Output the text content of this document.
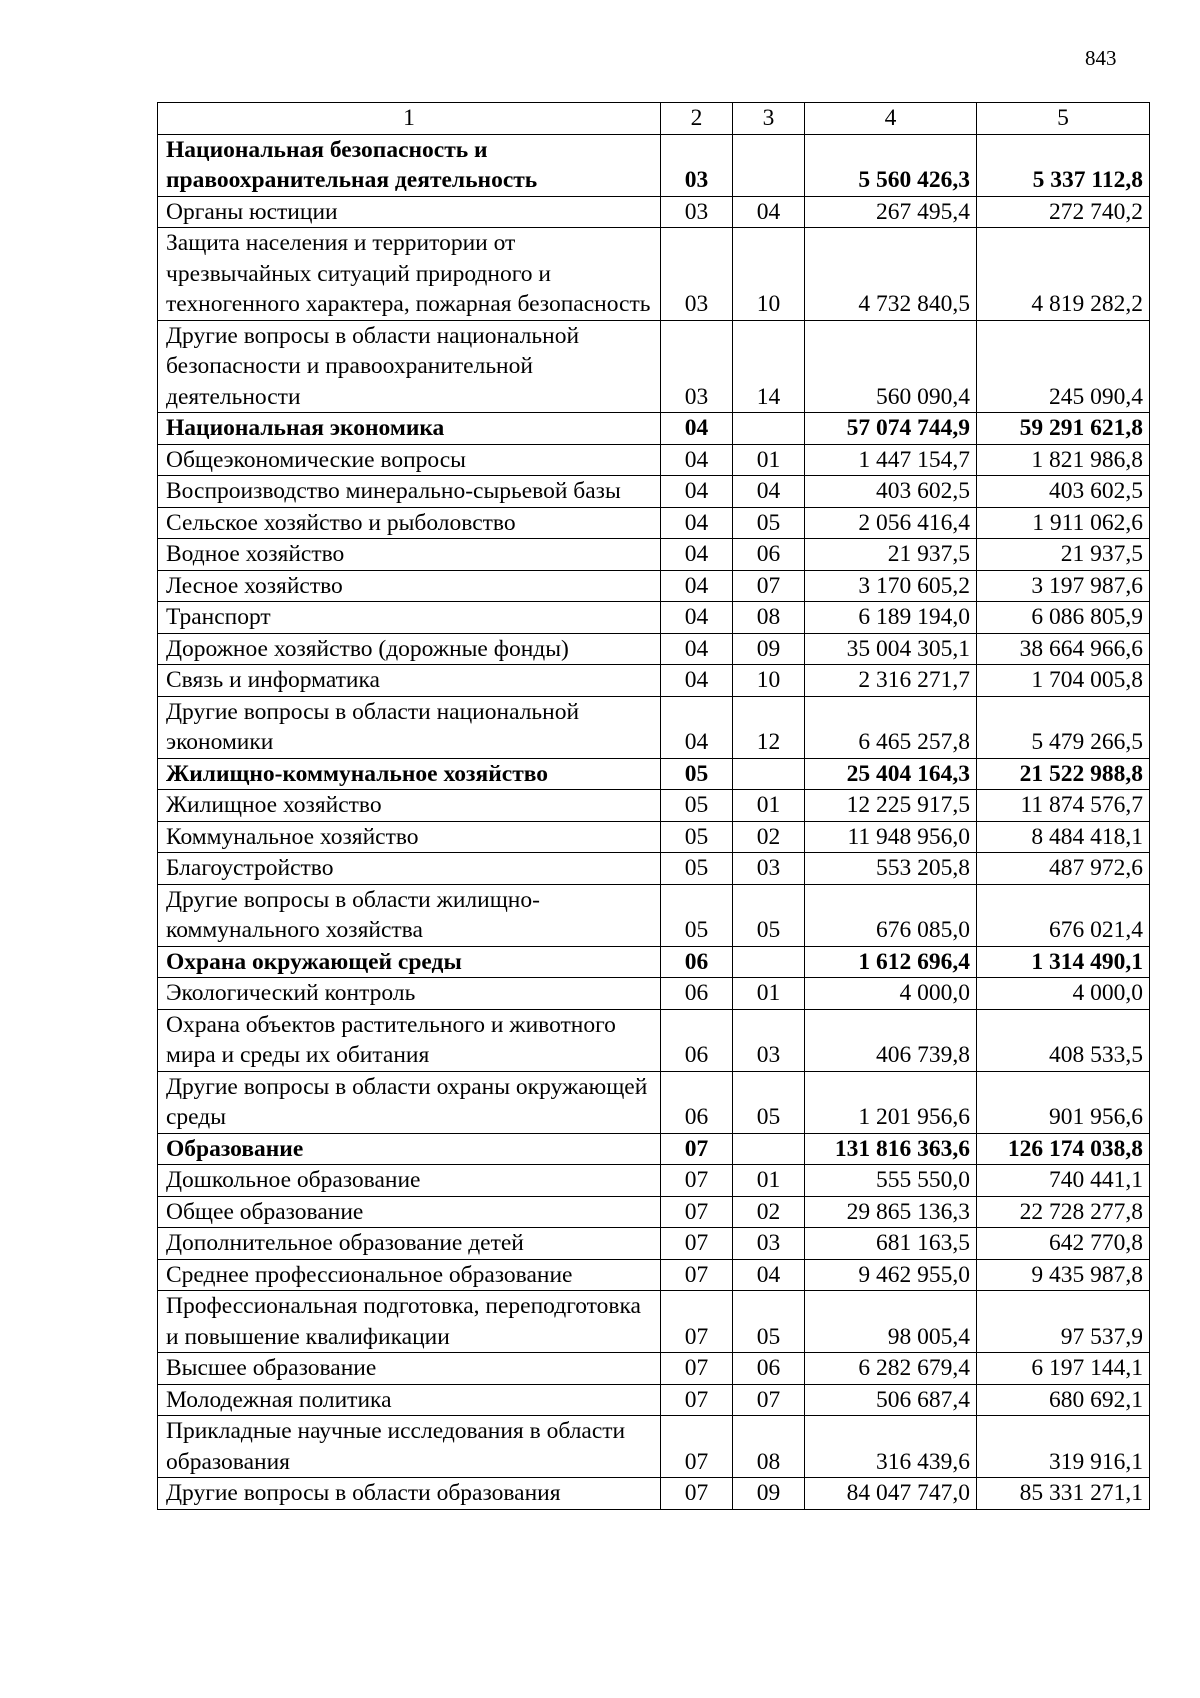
843
1	2	3	4	5
Национальная безопасность и правоохранительная деятельность	03		5 560 426,3	5 337 112,8
Органы юстиции	03	04	267 495,4	272 740,2
Защита населения и территории от чрезвычайных ситуаций природного и техногенного характера, пожарная безопасность	03	10	4 732 840,5	4 819 282,2
Другие вопросы в области национальной безопасности и правоохранительной деятельности	03	14	560 090,4	245 090,4
Национальная экономика	04		57 074 744,9	59 291 621,8
Общеэкономические вопросы	04	01	1 447 154,7	1 821 986,8
Воспроизводство минерально-сырьевой базы	04	04	403 602,5	403 602,5
Сельское хозяйство и рыболовство	04	05	2 056 416,4	1 911 062,6
Водное хозяйство	04	06	21 937,5	21 937,5
Лесное хозяйство	04	07	3 170 605,2	3 197 987,6
Транспорт	04	08	6 189 194,0	6 086 805,9
Дорожное хозяйство (дорожные фонды)	04	09	35 004 305,1	38 664 966,6
Связь и информатика	04	10	2 316 271,7	1 704 005,8
Другие вопросы в области национальной экономики	04	12	6 465 257,8	5 479 266,5
Жилищно-коммунальное хозяйство	05		25 404 164,3	21 522 988,8
Жилищное хозяйство	05	01	12 225 917,5	11 874 576,7
Коммунальное хозяйство	05	02	11 948 956,0	8 484 418,1
Благоустройство	05	03	553 205,8	487 972,6
Другие вопросы в области жилищно-коммунального хозяйства	05	05	676 085,0	676 021,4
Охрана окружающей среды	06		1 612 696,4	1 314 490,1
Экологический контроль	06	01	4 000,0	4 000,0
Охрана объектов растительного и животного мира и среды их обитания	06	03	406 739,8	408 533,5
Другие вопросы в области охраны окружающей среды	06	05	1 201 956,6	901 956,6
Образование	07		131 816 363,6	126 174 038,8
Дошкольное образование	07	01	555 550,0	740 441,1
Общее образование	07	02	29 865 136,3	22 728 277,8
Дополнительное образование детей	07	03	681 163,5	642 770,8
Среднее профессиональное образование	07	04	9 462 955,0	9 435 987,8
Профессиональная подготовка, переподготовка и повышение квалификации	07	05	98 005,4	97 537,9
Высшее образование	07	06	6 282 679,4	6 197 144,1
Молодежная политика	07	07	506 687,4	680 692,1
Прикладные научные исследования в области образования	07	08	316 439,6	319 916,1
Другие вопросы в области образования	07	09	84 047 747,0	85 331 271,1
